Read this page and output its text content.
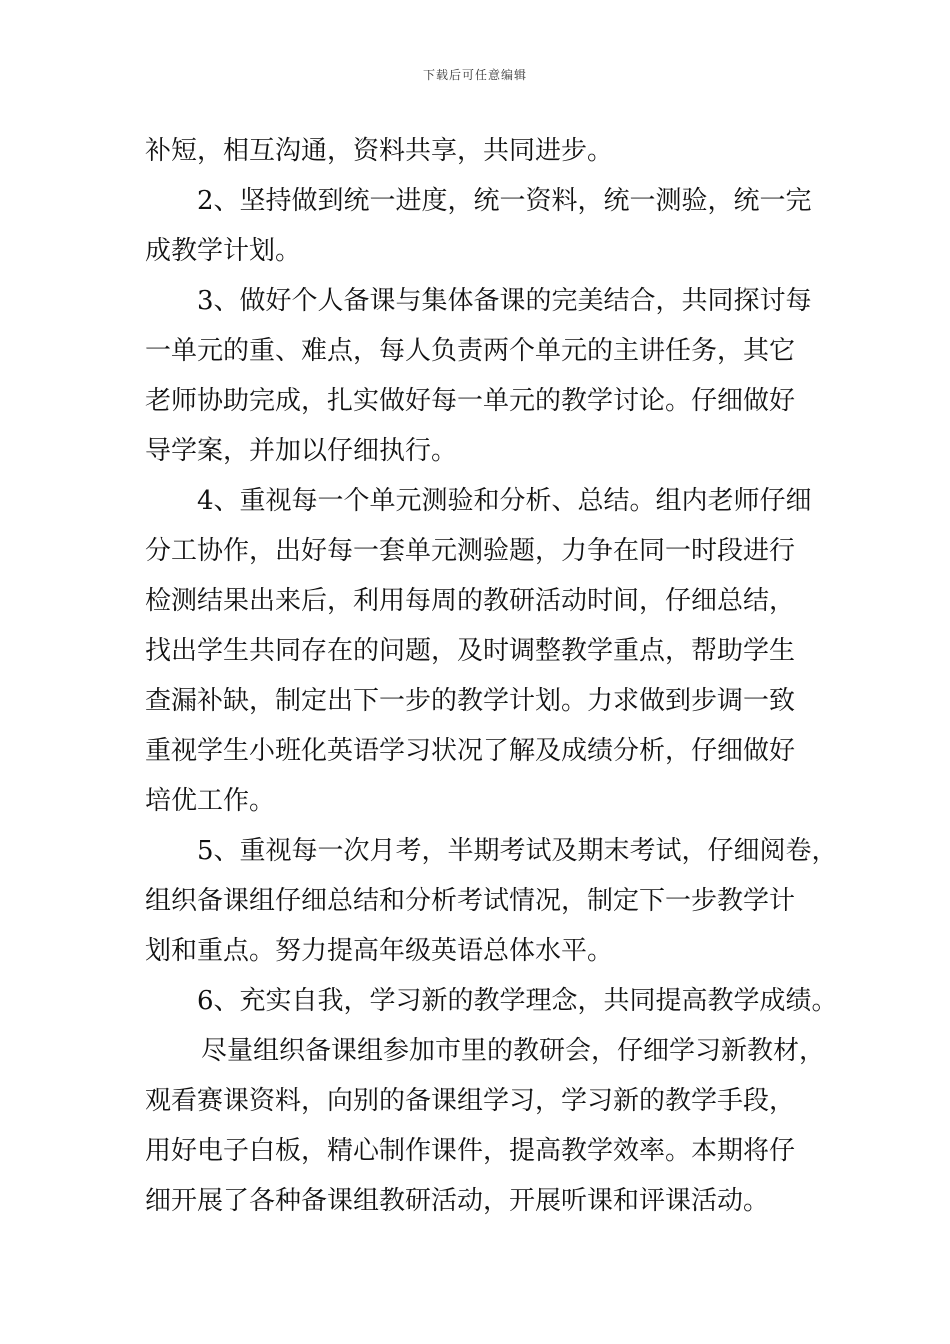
下载后可任意编辑
补短，相互沟通，资料共享，共同进步。
2、坚持做到统一进度，统一资料，统一测验，统一完
成教学计划。
3、做好个人备课与集体备课的完美结合，共同探讨每
一单元的重、难点，每人负责两个单元的主讲任务，其它
老师协助完成，扎实做好每一单元的教学讨论。仔细做好
导学案，并加以仔细执行。
4、重视每一个单元测验和分析、总结。组内老师仔细
分工协作，出好每一套单元测验题，力争在同一时段进行
检测结果出来后，利用每周的教研活动时间，仔细总结，
找出学生共同存在的问题，及时调整教学重点，帮助学生
查漏补缺，制定出下一步的教学计划。力求做到步调一致
重视学生小班化英语学习状况了解及成绩分析，仔细做好
培优工作。
5、重视每一次月考，半期考试及期末考试，仔细阅卷，
组织备课组仔细总结和分析考试情况，制定下一步教学计
划和重点。努力提高年级英语总体水平。
6、充实自我，学习新的教学理念，共同提高教学成绩。
尽量组织备课组参加市里的教研会，仔细学习新教材，
观看赛课资料，向别的备课组学习，学习新的教学手段，
用好电子白板，精心制作课件，提高教学效率。本期将仔
细开展了各种备课组教研活动，开展听课和评课活动。
